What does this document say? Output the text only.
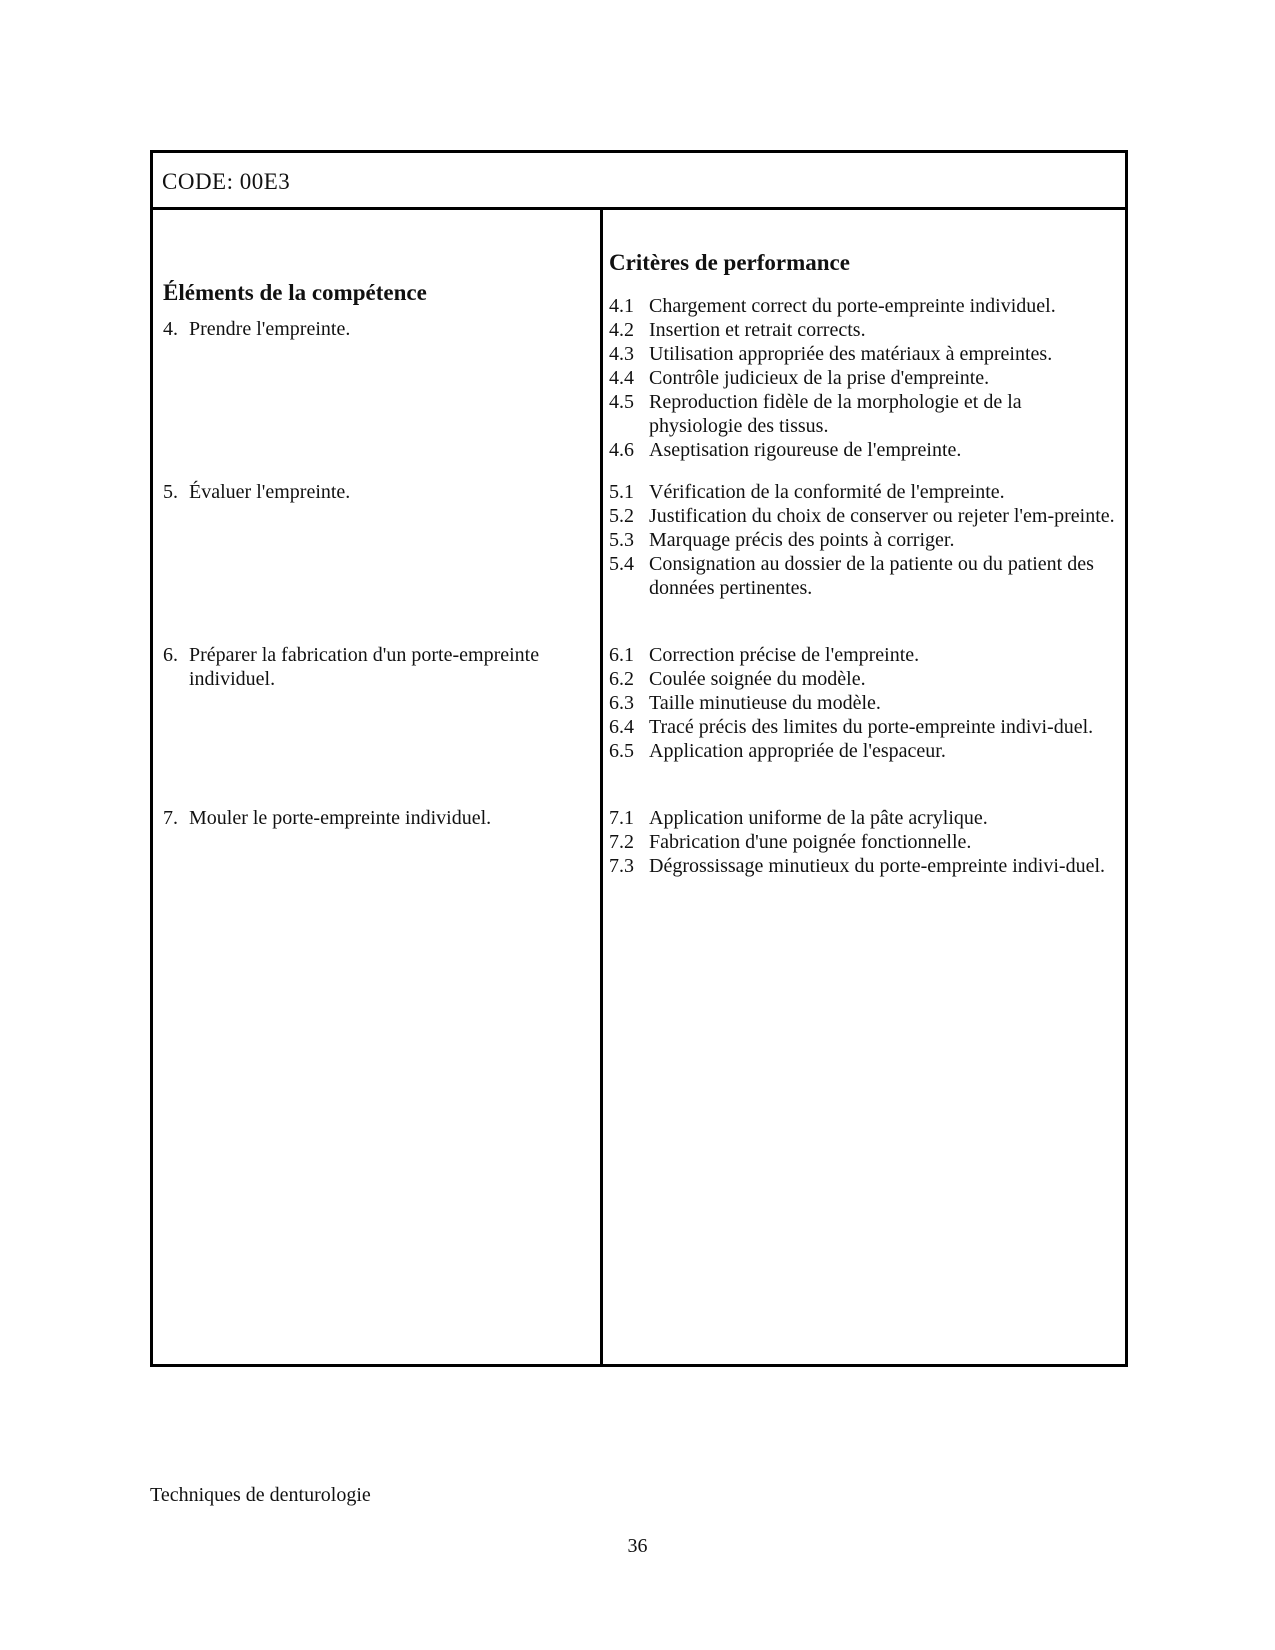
CODE: 00E3
Éléments de la compétence
Critères de performance
4. Prendre l'empreinte.
5. Évaluer l'empreinte.
6. Préparer la fabrication d'un porte-empreinte individuel.
7. Mouler le porte-empreinte individuel.
4.1 Chargement correct du porte-empreinte individuel.
4.2 Insertion et retrait corrects.
4.3 Utilisation appropriée des matériaux à empreintes.
4.4 Contrôle judicieux de la prise d'empreinte.
4.5 Reproduction fidèle de la morphologie et de la physiologie des tissus.
4.6 Aseptisation rigoureuse de l'empreinte.
5.1 Vérification de la conformité de l'empreinte.
5.2 Justification du choix de conserver ou rejeter l'em-preinte.
5.3 Marquage précis des points à corriger.
5.4 Consignation au dossier de la patiente ou du patient des données pertinentes.
6.1 Correction précise de l'empreinte.
6.2 Coulée soignée du modèle.
6.3 Taille minutieuse du modèle.
6.4 Tracé précis des limites du porte-empreinte indivi-duel.
6.5 Application appropriée de l'espaceur.
7.1 Application uniforme de la pâte acrylique.
7.2 Fabrication d'une poignée fonctionnelle.
7.3 Dégrossissage minutieux du porte-empreinte indivi-duel.
Techniques de denturologie
36
